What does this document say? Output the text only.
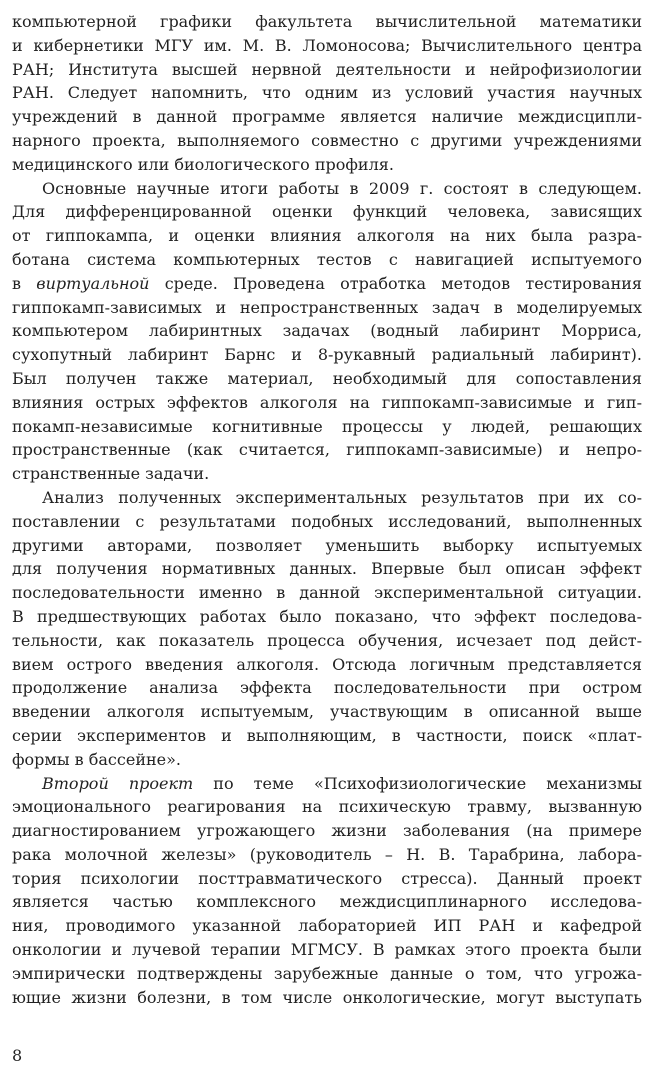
компьютерной графики факультета вычислительной математики
и кибернетики МГУ им. М. В. Ломоносова; Вычислительного центра
РАН; Института высшей нервной деятельности и нейрофизиологии
РАН. Следует напомнить, что одним из условий участия научных
учреждений в данной программе является наличие междисципли-
нарного проекта, выполняемого совместно с другими учреждениями
медицинского или биологического профиля.
Основные научные итоги работы в 2009 г. состоят в следующем.
Для дифференцированной оценки функций человека, зависящих
от гиппокампа, и оценки влияния алкоголя на них была разра-
ботана система компьютерных тестов с навигацией испытуемого
в виртуальной среде. Проведена отработка методов тестирования
гиппокамп-зависимых и непространственных задач в моделируемых
компьютером лабиринтных задачах (водный лабиринт Морриса,
сухопутный лабиринт Барнс и 8-рукавный радиальный лабиринт).
Был получен также материал, необходимый для сопоставления
влияния острых эффектов алкоголя на гиппокамп-зависимые и гип-
покамп-независимые когнитивные процессы у людей, решающих
пространственные (как считается, гиппокамп-зависимые) и непро-
странственные задачи.
Анализ полученных экспериментальных результатов при их со-
поставлении с результатами подобных исследований, выполненных
другими авторами, позволяет уменьшить выборку испытуемых
для получения нормативных данных. Впервые был описан эффект
последовательности именно в данной экспериментальной ситуации.
В предшествующих работах было показано, что эффект последова-
тельности, как показатель процесса обучения, исчезает под дейст-
вием острого введения алкоголя. Отсюда логичным представляется
продолжение анализа эффекта последовательности при остром
введении алкоголя испытуемым, участвующим в описанной выше
серии экспериментов и выполняющим, в частности, поиск «плат-
формы в бассейне».
Второй проект по теме «Психофизиологические механизмы
эмоционального реагирования на психическую травму, вызванную
диагностированием угрожающего жизни заболевания (на примере
рака молочной железы» (руководитель – Н. В. Тарабрина, лабора-
тория психологии посттравматического стресса). Данный проект
является частью комплексного междисциплинарного исследова-
ния, проводимого указанной лабораторией ИП РАН и кафедрой
онкологии и лучевой терапии МГМСУ. В рамках этого проекта были
эмпирически подтверждены зарубежные данные о том, что угрожа-
ющие жизни болезни, в том числе онкологические, могут выступать
8
